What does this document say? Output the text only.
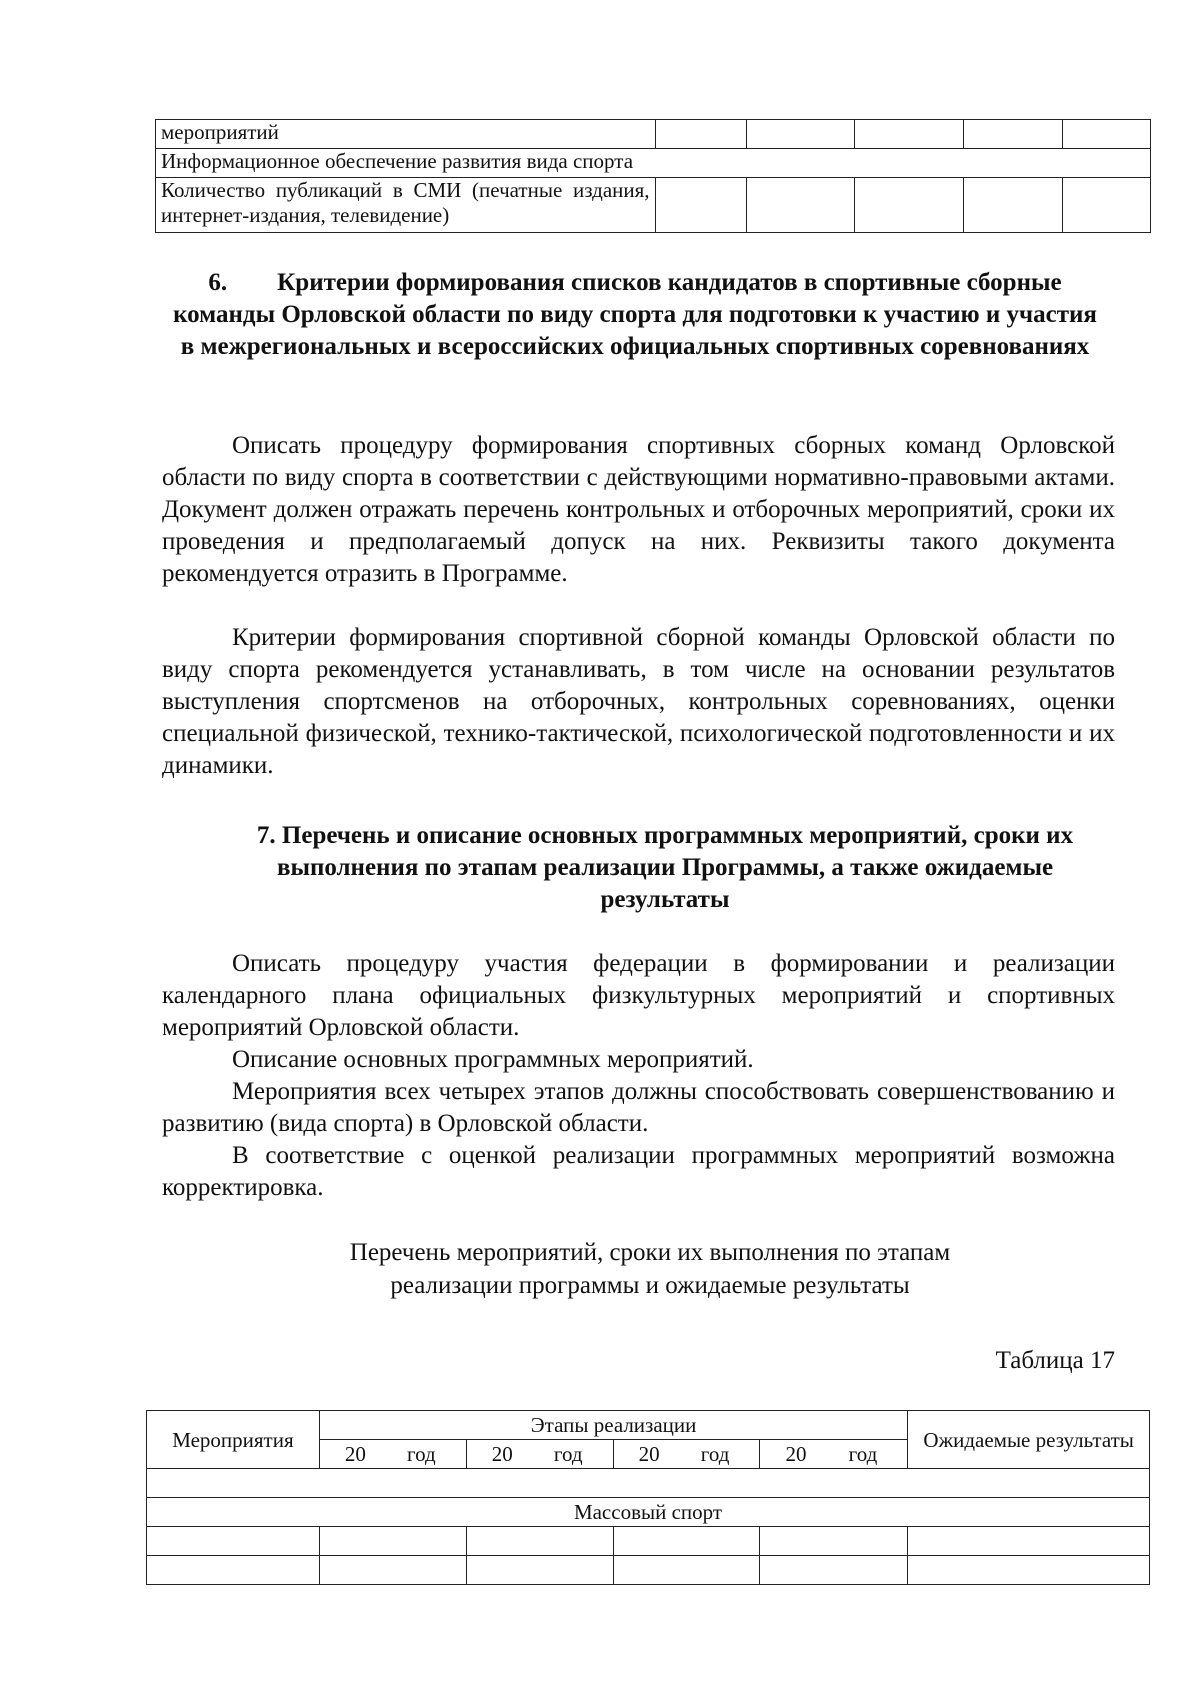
мероприятий					
Информационное обеспечение развития вида спорта					
Количество публикаций в СМИ (печатные издания, интернет-издания, телевидение)					
6. Критерии формирования списков кандидатов в спортивные сборные команды Орловской области по виду спорта для подготовки к участию и участия в межрегиональных и всероссийских официальных спортивных соревнованиях

Описать процедуру формирования спортивных сборных команд Орловской области по виду спорта в соответствии с действующими нормативно-правовыми актами. Документ должен отражать перечень контрольных и отборочных мероприятий, сроки их проведения и предполагаемый допуск на них. Реквизиты такого документа рекомендуется отразить в Программе.

Критерии формирования спортивной сборной команды Орловской области по виду спорта рекомендуется устанавливать, в том числе на основании результатов выступления спортсменов на отборочных, контрольных соревнованиях, оценки специальной физической, технико-тактической, психологической подготовленности и их динамики.

7. Перечень и описание основных программных мероприятий, сроки их выполнения по этапам реализации Программы, а также ожидаемые результаты

Описать процедуру участия федерации в формировании и реализации календарного плана официальных физкультурных мероприятий и спортивных мероприятий Орловской области.

Описание основных программных мероприятий.

Мероприятия всех четырех этапов должны способствовать совершенствованию и развитию (вида спорта) в Орловской области.

В соответствие с оценкой реализации программных мероприятий возможна корректировка.

Перечень мероприятий, сроки их выполнения по этапам
реализации программы и ожидаемые результаты
Таблица 17
Мероприятия	Этапы реализации				Ожидаемые результаты

	20 год	20 год	20 год	20 год	

Массовый спорт					
